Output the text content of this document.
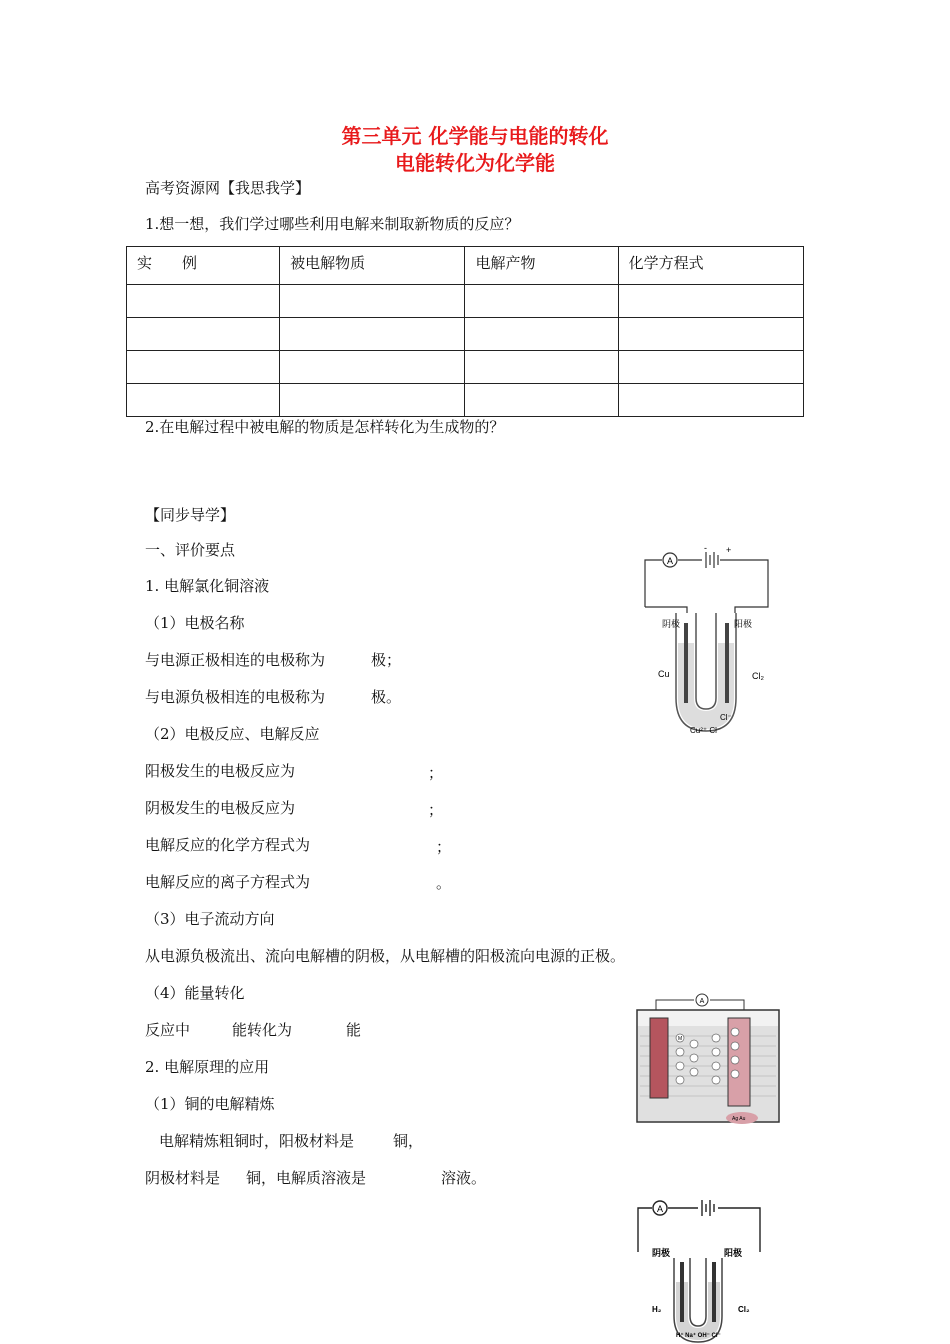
第三单元 化学能与电能的转化
电能转化为化学能
高考资源网【我思我学】
1.想一想，我们学过哪些利用电解来制取新物质的反应？
实　　例	被电解物质	电解产物	化学方程式

2.在电解过程中被电解的物质是怎样转化为生成物的？
【同步导学】
一、评价要点
1. 电解氯化铜溶液
（1）电极名称
与电源正极相连的电极称为	极；
与电源负极相连的电极称为	极。
（2）电极反应、电解反应
阳极发生的电极反应为	；
阴极发生的电极反应为	；
电解反应的化学方程式为	；
电解反应的离子方程式为	。
（3）电子流动方向
从电源负极流出、流向电解槽的阴极，从电解槽的阳极流向电源的正极。
（4）能量转化
反应中	能转化为	能
2. 电解原理的应用
（1）铜的电解精炼
电解精炼粗铜时，阳极材料是	铜，
阴极材料是 铜，电解质溶液是	溶液。
A
- +
阴极	阳极
Cu	Cl₂
Cl⁻
Cu²⁺ Cl⁻
A
M
Ag Au
A
阴极	阳极
H₂	Cl₂
H⁺ Na⁺ OH⁻ Cl⁻
